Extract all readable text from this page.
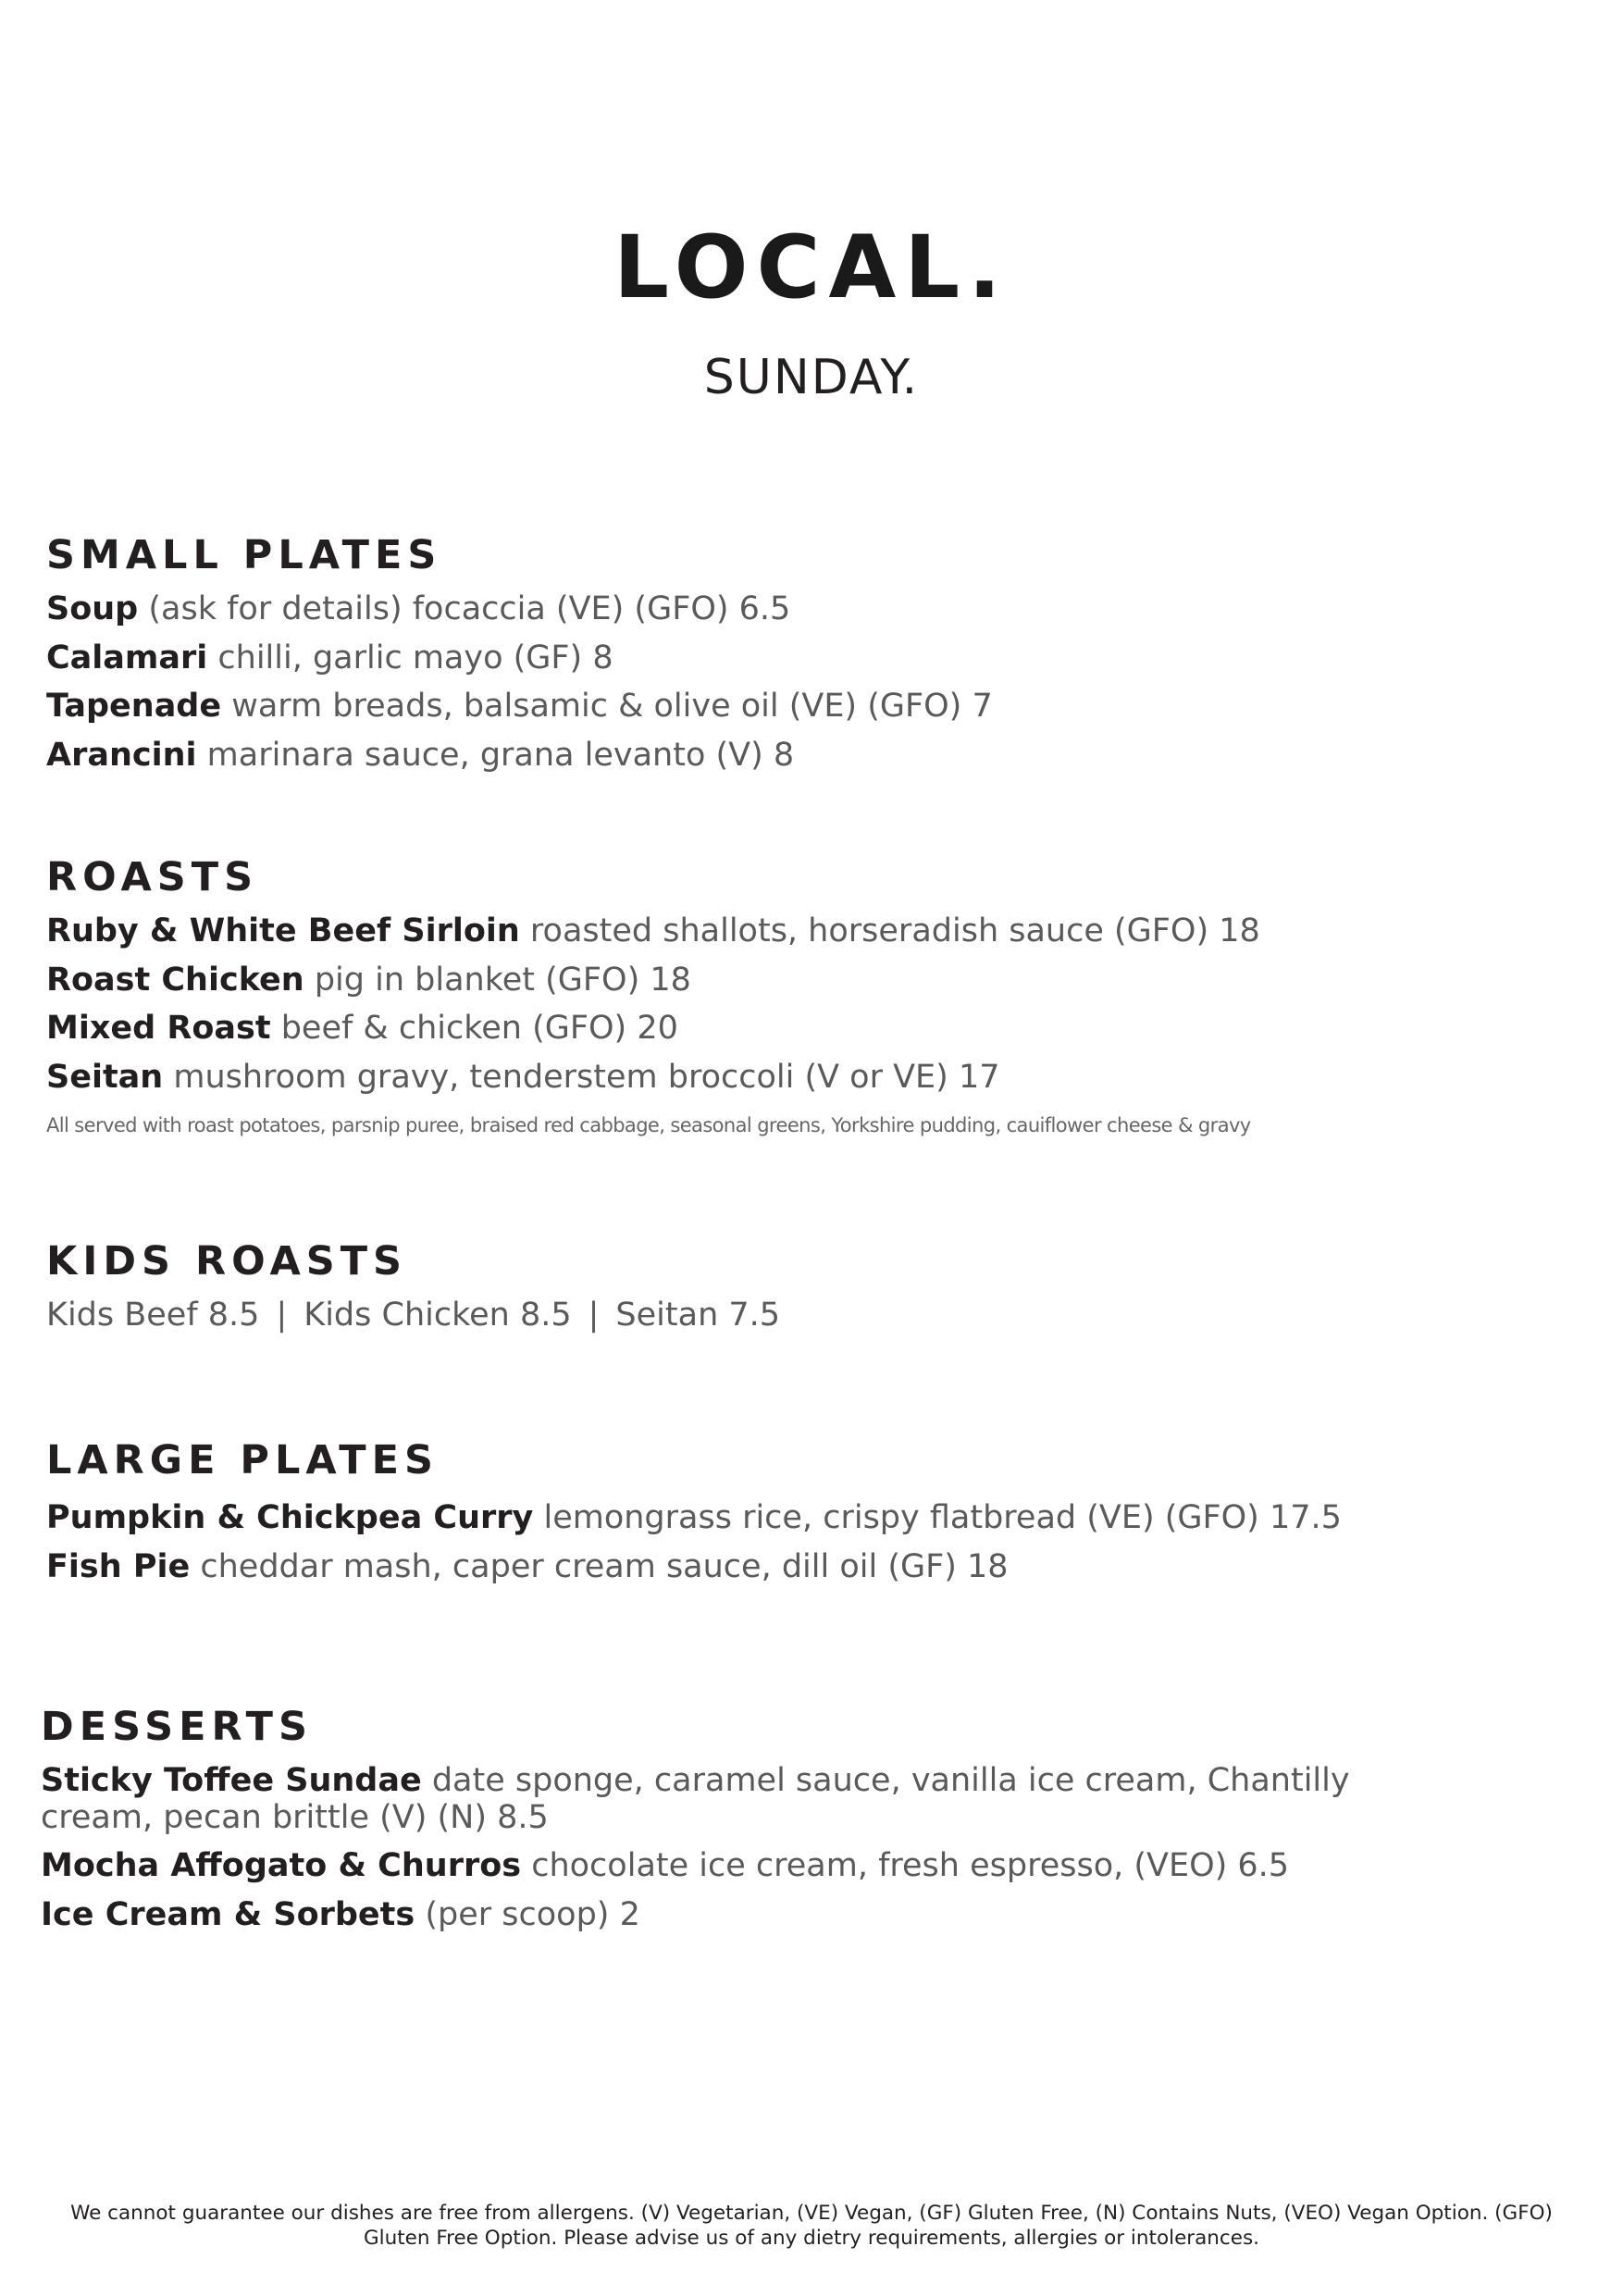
LOCAL.
SUNDAY.
SMALL PLATES

Soup (ask for details) focaccia (VE) (GFO) 6.5

Calamari chilli, garlic mayo (GF) 8

Tapenade warm breads, balsamic & olive oil (VE) (GFO) 7

Arancini marinara sauce, grana levanto (V) 8

ROASTS

Ruby & White Beef Sirloin roasted shallots, horseradish sauce (GFO) 18

Roast Chicken pig in blanket (GFO) 18

Mixed Roast beef & chicken (GFO) 20

Seitan mushroom gravy, tenderstem broccoli (V or VE) 17

All served with roast potatoes, parsnip puree, braised red cabbage, seasonal greens, Yorkshire pudding, cauiflower cheese & gravy
KIDS ROASTS
Kids Beef 8.5 | Kids Chicken 8.5 | Seitan 7.5
LARGE PLATES

Pumpkin & Chickpea Curry lemongrass rice, crispy flatbread (VE) (GFO) 17.5

Fish Pie cheddar mash, caper cream sauce, dill oil (GF) 18

DESSERTS

Sticky Toffee Sundae date sponge, caramel sauce, vanilla ice cream, Chantilly cream, pecan brittle (V) (N) 8.5

Mocha Affogato & Churros chocolate ice cream, fresh espresso, (VEO) 6.5

Ice Cream & Sorbets (per scoop) 2

We cannot guarantee our dishes are free from allergens. (V) Vegetarian, (VE) Vegan, (GF) Gluten Free, (N) Contains Nuts, (VEO) Vegan Option. (GFO) Gluten Free Option. Please advise us of any dietry requirements, allergies or intolerances.
